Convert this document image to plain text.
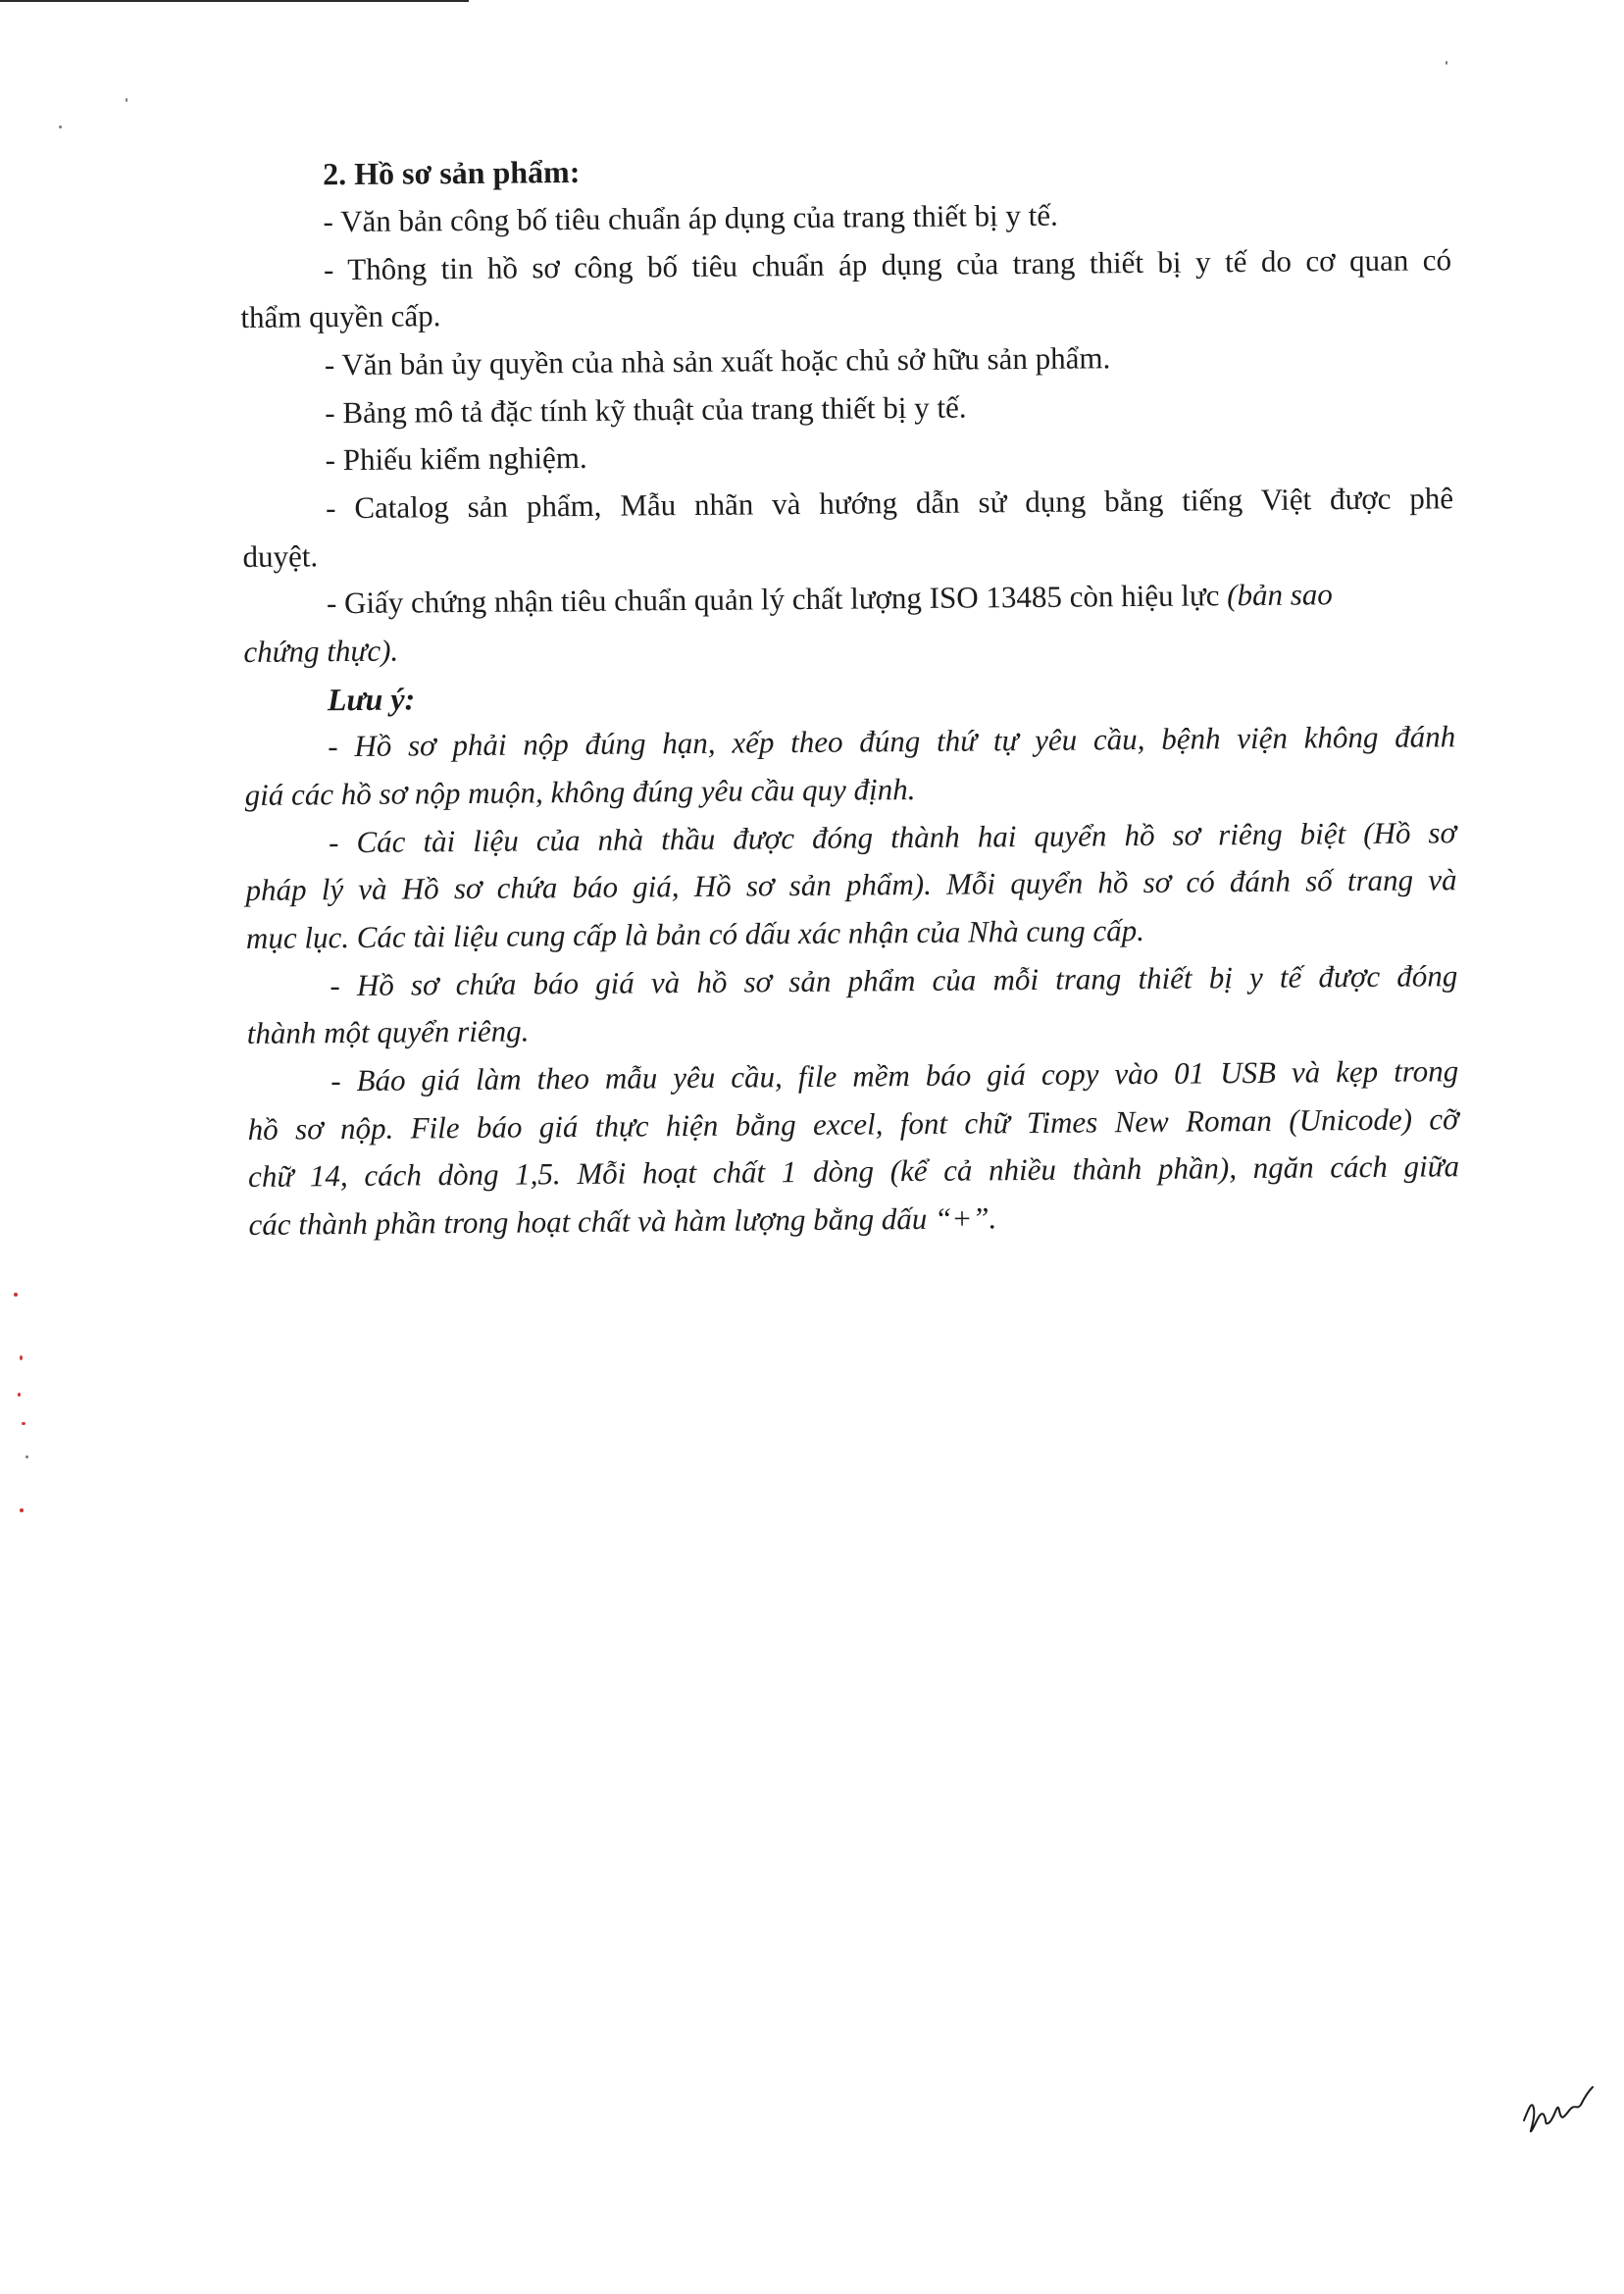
2. Hồ sơ sản phẩm:
- Văn bản công bố tiêu chuẩn áp dụng của trang thiết bị y tế.
- Thông tin hồ sơ công bố tiêu chuẩn áp dụng của trang thiết bị y tế do cơ quan có
thẩm quyền cấp.
- Văn bản ủy quyền của nhà sản xuất hoặc chủ sở hữu sản phẩm.
- Bảng mô tả đặc tính kỹ thuật của trang thiết bị y tế.
- Phiếu kiểm nghiệm.
- Catalog sản phẩm, Mẫu nhãn và hướng dẫn sử dụng bằng tiếng Việt được phê
duyệt.
- Giấy chứng nhận tiêu chuẩn quản lý chất lượng ISO 13485 còn hiệu lực (bản sao
chứng thực).
Lưu ý:
- Hồ sơ phải nộp đúng hạn, xếp theo đúng thứ tự yêu cầu, bệnh viện không đánh
giá các hồ sơ nộp muộn, không đúng yêu cầu quy định.
- Các tài liệu của nhà thầu được đóng thành hai quyển hồ sơ riêng biệt (Hồ sơ
pháp lý và Hồ sơ chứa báo giá, Hồ sơ sản phẩm). Mỗi quyển hồ sơ có đánh số trang và
mục lục. Các tài liệu cung cấp là bản có dấu xác nhận của Nhà cung cấp.
- Hồ sơ chứa báo giá và hồ sơ sản phẩm của mỗi trang thiết bị y tế được đóng
thành một quyển riêng.
- Báo giá làm theo mẫu yêu cầu, file mềm báo giá copy vào 01 USB và kẹp trong
hồ sơ nộp. File báo giá thực hiện bằng excel, font chữ Times New Roman (Unicode) cỡ
chữ 14, cách dòng 1,5. Mỗi hoạt chất 1 dòng (kể cả nhiều thành phần), ngăn cách giữa
các thành phần trong hoạt chất và hàm lượng bằng dấu “+”.
